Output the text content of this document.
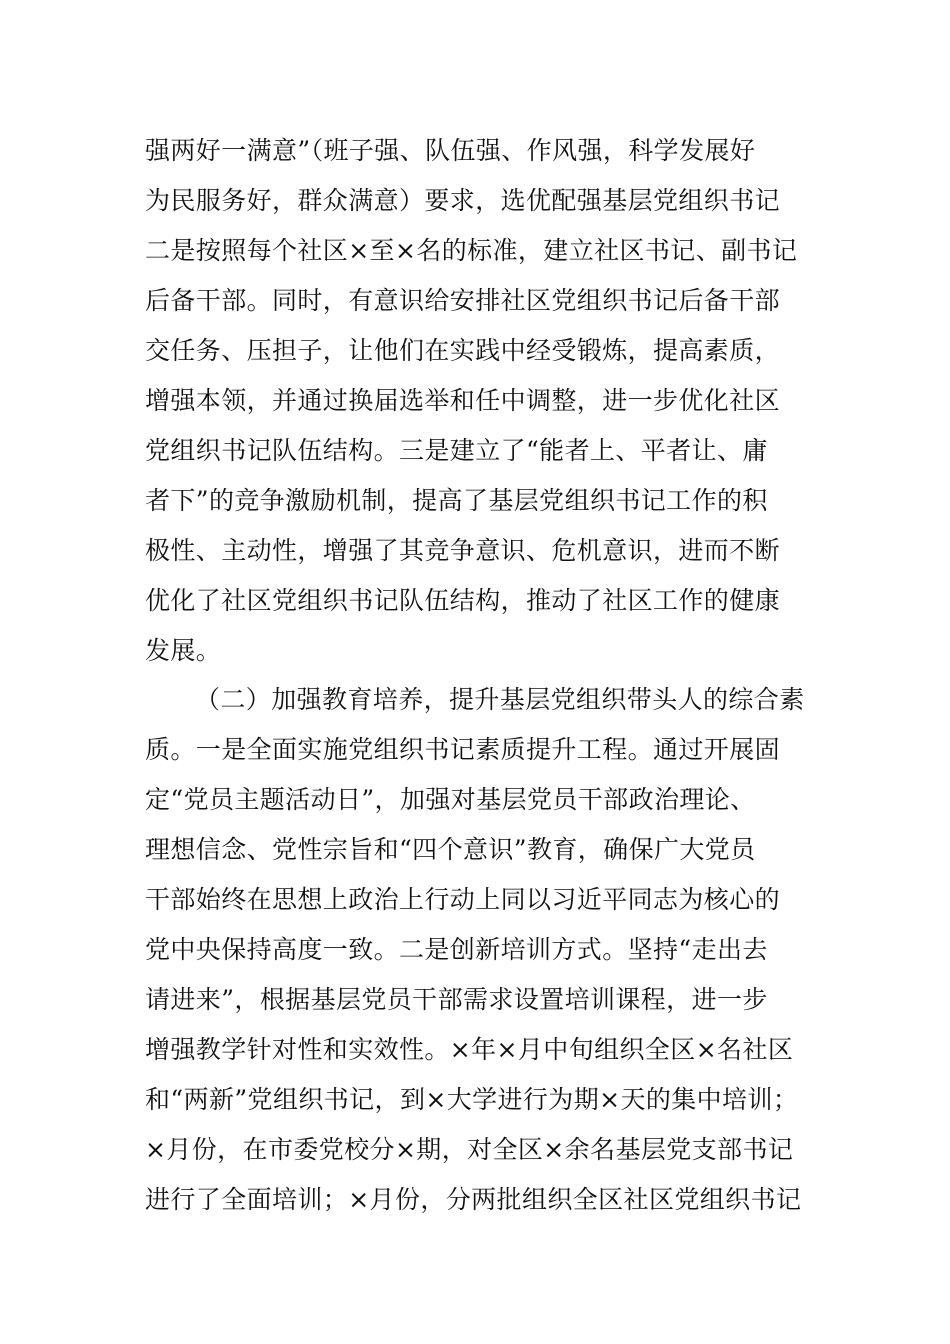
强两好一满意”（班子强、队伍强、作风强，科学发展好
为民服务好，群众满意）要求，选优配强基层党组织书记
二是按照每个社区×至×名的标准，建立社区书记、副书记
后备干部。同时，有意识给安排社区党组织书记后备干部
交任务、压担子，让他们在实践中经受锻炼，提高素质，
增强本领，并通过换届选举和任中调整，进一步优化社区
党组织书记队伍结构。三是建立了“能者上、平者让、庸
者下”的竞争激励机制，提高了基层党组织书记工作的积
极性、主动性，增强了其竞争意识、危机意识，进而不断
优化了社区党组织书记队伍结构，推动了社区工作的健康
发展。
（二）加强教育培养，提升基层党组织带头人的综合素
质。一是全面实施党组织书记素质提升工程。通过开展固
定“党员主题活动日”，加强对基层党员干部政治理论、
理想信念、党性宗旨和“四个意识”教育，确保广大党员
干部始终在思想上政治上行动上同以习近平同志为核心的
党中央保持高度一致。二是创新培训方式。坚持“走出去
请进来”，根据基层党员干部需求设置培训课程，进一步
增强教学针对性和实效性。×年×月中旬组织全区×名社区
和“两新”党组织书记，到×大学进行为期×天的集中培训；
×月份，在市委党校分×期，对全区×余名基层党支部书记
进行了全面培训；×月份，分两批组织全区社区党组织书记
